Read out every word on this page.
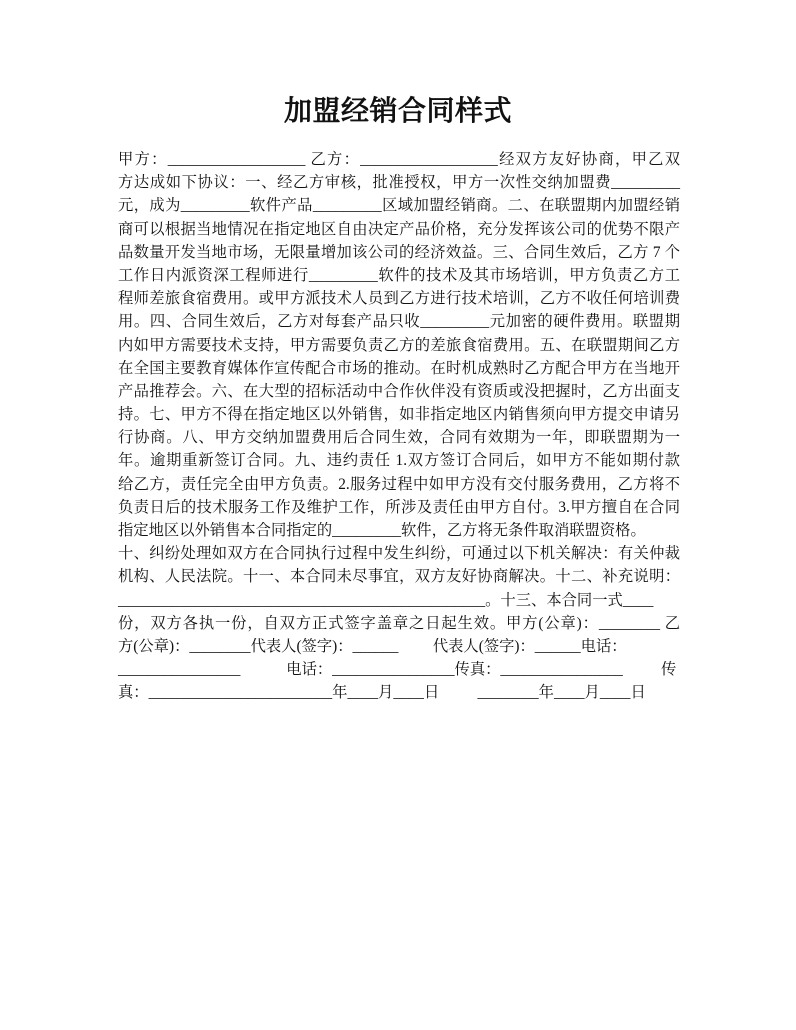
加盟经销合同样式
甲方：__________________ 乙方：__________________经双方友好协商，甲乙双
方达成如下协议：一、经乙方审核，批准授权，甲方一次性交纳加盟费_________
元，成为_________软件产品_________区域加盟经销商。二、在联盟期内加盟经销
商可以根据当地情况在指定地区自由决定产品价格，充分发挥该公司的优势不限产
品数量开发当地市场，无限量增加该公司的经济效益。三、合同生效后，乙方 7 个
工作日内派资深工程师进行_________软件的技术及其市场培训，甲方负责乙方工
程师差旅食宿费用。或甲方派技术人员到乙方进行技术培训，乙方不收任何培训费
用。四、合同生效后，乙方对每套产品只收_________元加密的硬件费用。联盟期
内如甲方需要技术支持，甲方需要负责乙方的差旅食宿费用。五、在联盟期间乙方
在全国主要教育媒体作宣传配合市场的推动。在时机成熟时乙方配合甲方在当地开
产品推荐会。六、在大型的招标活动中合作伙伴没有资质或没把握时，乙方出面支
持。七、甲方不得在指定地区以外销售，如非指定地区内销售须向甲方提交申请另
行协商。八、甲方交纳加盟费用后合同生效，合同有效期为一年，即联盟期为一
年。逾期重新签订合同。九、违约责任 1.双方签订合同后，如甲方不能如期付款
给乙方，责任完全由甲方负责。2.服务过程中如甲方没有交付服务费用，乙方将不
负责日后的技术服务工作及维护工作，所涉及责任由甲方自付。3.甲方擅自在合同
指定地区以外销售本合同指定的_________软件，乙方将无条件取消联盟资格。
十、纠纷处理如双方在合同执行过程中发生纠纷，可通过以下机关解决：有关仲裁
机构、人民法院。十一、本合同未尽事宜，双方友好协商解决。十二、补充说明：
________________________________________________。十三、本合同一式____
份，双方各执一份，自双方正式签字盖章之日起生效。甲方(公章)：________ 乙
方(公章)：________代表人(签字)：______         代表人(签字)：______电话：
________________            电话：________________传真：________________          传
真：________________________年____月____日          ________年____月____日
